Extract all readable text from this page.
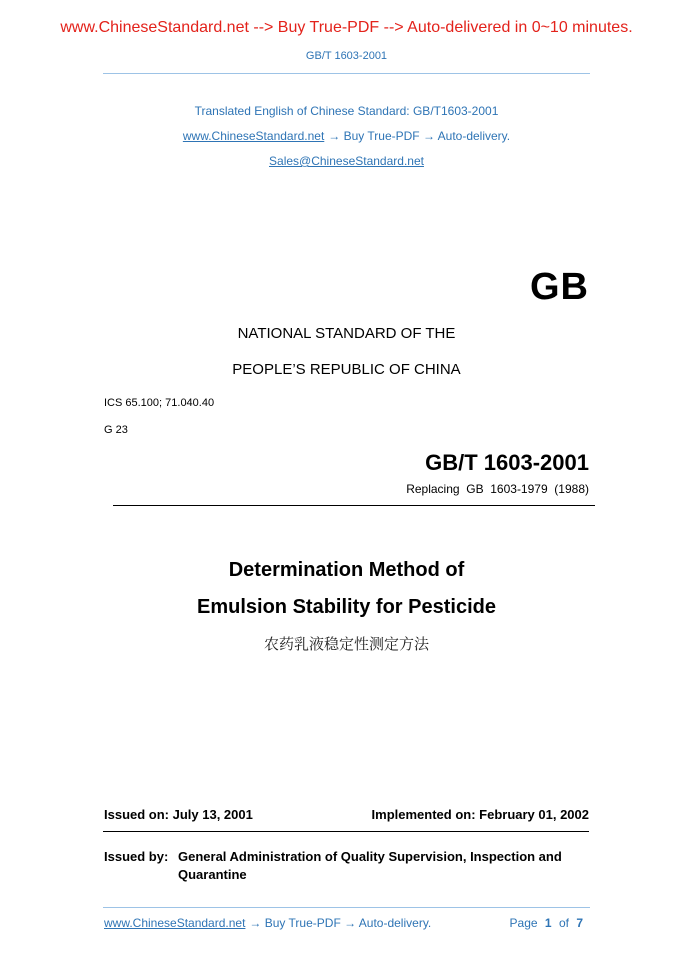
www.ChineseStandard.net --> Buy True-PDF --> Auto-delivered in 0~10 minutes.
GB/T 1603-2001
Translated English of Chinese Standard: GB/T1603-2001
www.ChineseStandard.net → Buy True-PDF → Auto-delivery.
Sales@ChineseStandard.net
GB
NATIONAL STANDARD OF THE
PEOPLE’S REPUBLIC OF CHINA
ICS 65.100; 71.040.40
G 23
GB/T 1603-2001
Replacing  GB  1603-1979  (1988)
Determination Method of
Emulsion Stability for Pesticide
农药乳液稳定性测定方法
Issued on: July 13, 2001	Implemented on: February 01, 2002
Issued by: General Administration of Quality Supervision, Inspection and
Quarantine
www.ChineseStandard.net → Buy True-PDF → Auto-delivery.	Page 1 of 7
